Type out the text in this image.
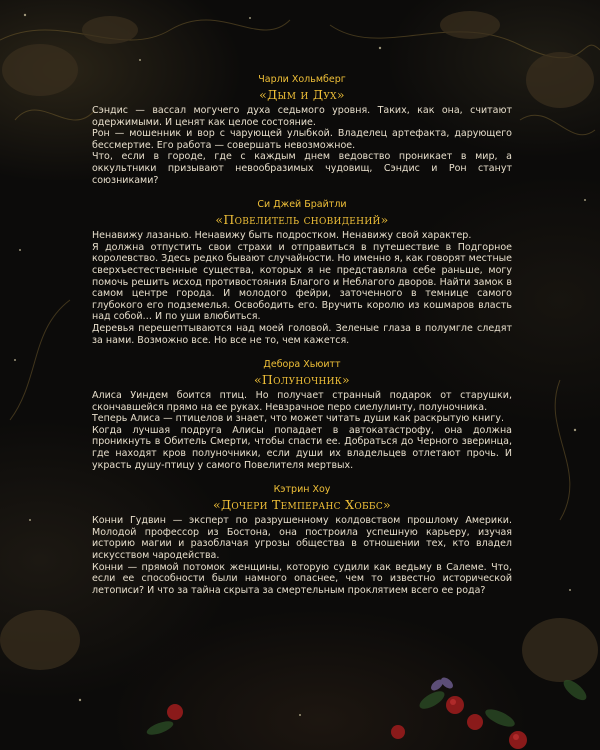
Чарли Хольмберг

«Дым и Дух»

Сэндис — вассал могучего духа седьмого уровня. Таких, как она, считают одержимыми. И ценят как целое состояние.

Рон — мошенник и вор с чарующей улыбкой. Владелец артефакта, дарующего бессмертие. Его работа — совершать невозможное.

Что, если в городе, где с каждым днем ведовство проникает в мир, а оккультники призывают невообразимых чудовищ, Сэндис и Рон станут союзниками?

Си Джей Брайтли

«Повелитель сновидений»

Ненавижу лазанью. Ненавижу быть подростком. Ненавижу свой характер.

Я должна отпустить свои страхи и отправиться в путешествие в Подгорное королевство. Здесь редко бывают случайности. Но именно я, как говорят местные сверхъестественные существа, которых я не представляла себе раньше, могу помочь решить исход противостояния Благого и Неблагого дворов. Найти замок в самом центре города. И молодого фейри, заточенного в темнице самого глубокого его подземелья. Освободить его. Вручить королю из кошмаров власть над собой… И по уши влюбиться.

Деревья перешептываются над моей головой. Зеленые глаза в полумгле следят за нами. Возможно все. Но все не то, чем кажется.

Дебора Хьюитт

«Полуночник»

Алиса Уиндем боится птиц. Но получает странный подарок от старушки, скончавшейся прямо на ее руках. Невзрачное перо сиелулинту, полуночника.

Теперь Алиса — птицелов и знает, что может читать души как раскрытую книгу.

Когда лучшая подруга Алисы попадает в автокатастрофу, она должна проникнуть в Обитель Смерти, чтобы спасти ее. Добраться до Черного зверинца, где находят кров полуночники, если души их владельцев отлетают прочь. И украсть душу-птицу у самого Повелителя мертвых.

Кэтрин Хоу

«Дочери Темперанс Хоббс»

Конни Гудвин — эксперт по разрушенному колдовством прошлому Америки. Молодой профессор из Бостона, она построила успешную карьеру, изучая историю магии и разоблачая угрозы общества в отношении тех, кто владел искусством чародейства.

Конни — прямой потомок женщины, которую судили как ведьму в Салеме. Что, если ее способности были намного опаснее, чем то известно исторической летописи? И что за тайна скрыта за смертельным проклятием всего ее рода?
